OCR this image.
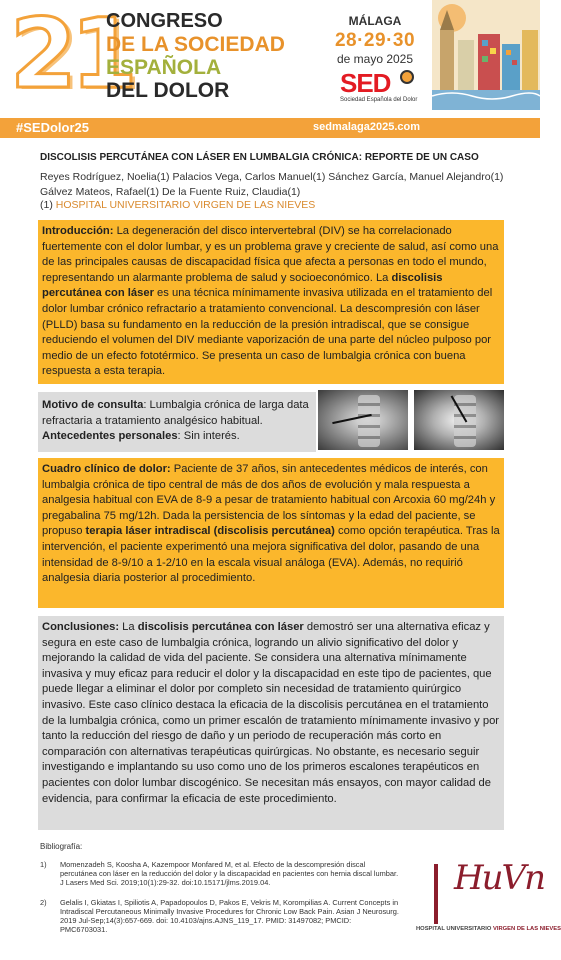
21
CONGRESO
DE LA SOCIEDAD
ESPAÑOLA
DEL DOLOR
MÁLAGA
28·29·30
de mayo 2025
SED
Sociedad Española del Dolor
#SEDolor25	sedmalaga2025.com
DISCOLISIS PERCUTÁNEA CON LÁSER EN LUMBALGIA CRÓNICA: REPORTE DE UN CASO
Reyes Rodríguez, Noelia(1) Palacios Vega, Carlos Manuel(1) Sánchez García, Manuel Alejandro(1) Gálvez Mateos, Rafael(1) De la Fuente Ruiz, Claudia(1)
(1) HOSPITAL UNIVERSITARIO VIRGEN DE LAS NIEVES
Introducción: La degeneración del disco intervertebral (DIV) se ha correlacionado fuertemente con el dolor lumbar, y es un problema grave y creciente de salud, así como una de las principales causas de discapacidad física que afecta a personas en todo el mundo, representando un alarmante problema de salud y socioeconómico. La discolisis percutánea con láser es una técnica mínimamente invasiva utilizada en el tratamiento del dolor lumbar crónico refractario a tratamiento convencional. La descompresión con láser (PLLD) basa su fundamento en la reducción de la presión intradiscal, que se consigue reduciendo el volumen del DIV mediante vaporización de una parte del núcleo pulposo por medio de un efecto fototérmico. Se presenta un caso de lumbalgia crónica con buena respuesta a esta terapia.
Motivo de consulta: Lumbalgia crónica de larga data refractaria a tratamiento analgésico habitual.
Antecedentes personales: Sin interés.
Cuadro clínico de dolor: Paciente de 37 años, sin antecedentes médicos de interés, con lumbalgia crónica de tipo central de más de dos años de evolución y mala respuesta a analgesia habitual con EVA de 8-9 a pesar de tratamiento habitual con Arcoxia 60 mg/24h y pregabalina 75 mg/12h. Dada la persistencia de los síntomas y la edad del paciente, se propuso terapia láser intradiscal (discolisis percutánea) como opción terapéutica. Tras la intervención, el paciente experimentó una mejora significativa del dolor, pasando de una intensidad de 8-9/10 a 1-2/10 en la escala visual análoga (EVA). Además, no requirió analgesia diaria posterior al procedimiento.
Conclusiones: La discolisis percutánea con láser demostró ser una alternativa eficaz y segura en este caso de lumbalgia crónica, logrando un alivio significativo del dolor y mejorando la calidad de vida del paciente. Se considera una alternativa mínimamente invasiva y muy eficaz para reducir el dolor y la discapacidad en este tipo de pacientes, que puede llegar a eliminar el dolor por completo sin necesidad de tratamiento quirúrgico invasivo. Este caso clínico destaca la eficacia de la discolisis percutánea en el tratamiento de la lumbalgia crónica, como un primer escalón de tratamiento mínimamente invasivo y por tanto la reducción del riesgo de daño y un periodo de recuperación más corto en comparación con alternativas terapéuticas quirúrgicas. No obstante, es necesario seguir investigando e implantando su uso como uno de los primeros escalones terapéuticos en pacientes con dolor lumbar discogénico. Se necesitan más ensayos, con mayor calidad de evidencia, para confirmar la eficacia de este procedimiento.
Bibliografía:
1) Momenzadeh S, Koosha A, Kazempoor Monfared M, et al. Efecto de la descompresión discal percutánea con láser en la reducción del dolor y la discapacidad en pacientes con hernia discal lumbar. J Lasers Med Sci. 2019;10(1):29-32. doi:10.15171/jlms.2019.04.
2) Gelalis I, Gkiatas I, Spiliotis A, Papadopoulos D, Pakos E, Vekris M, Korompilias A. Current Concepts in Intradiscal Percutaneous Minimally Invasive Procedures for Chronic Low Back Pain. Asian J Neurosurg. 2019 Jul-Sep;14(3):657-669. doi: 10.4103/ajns.AJNS_119_17. PMID: 31497082; PMCID: PMC6703031.
HuVn
HOSPITAL UNIVERSITARIO VIRGEN DE LAS NIEVES
